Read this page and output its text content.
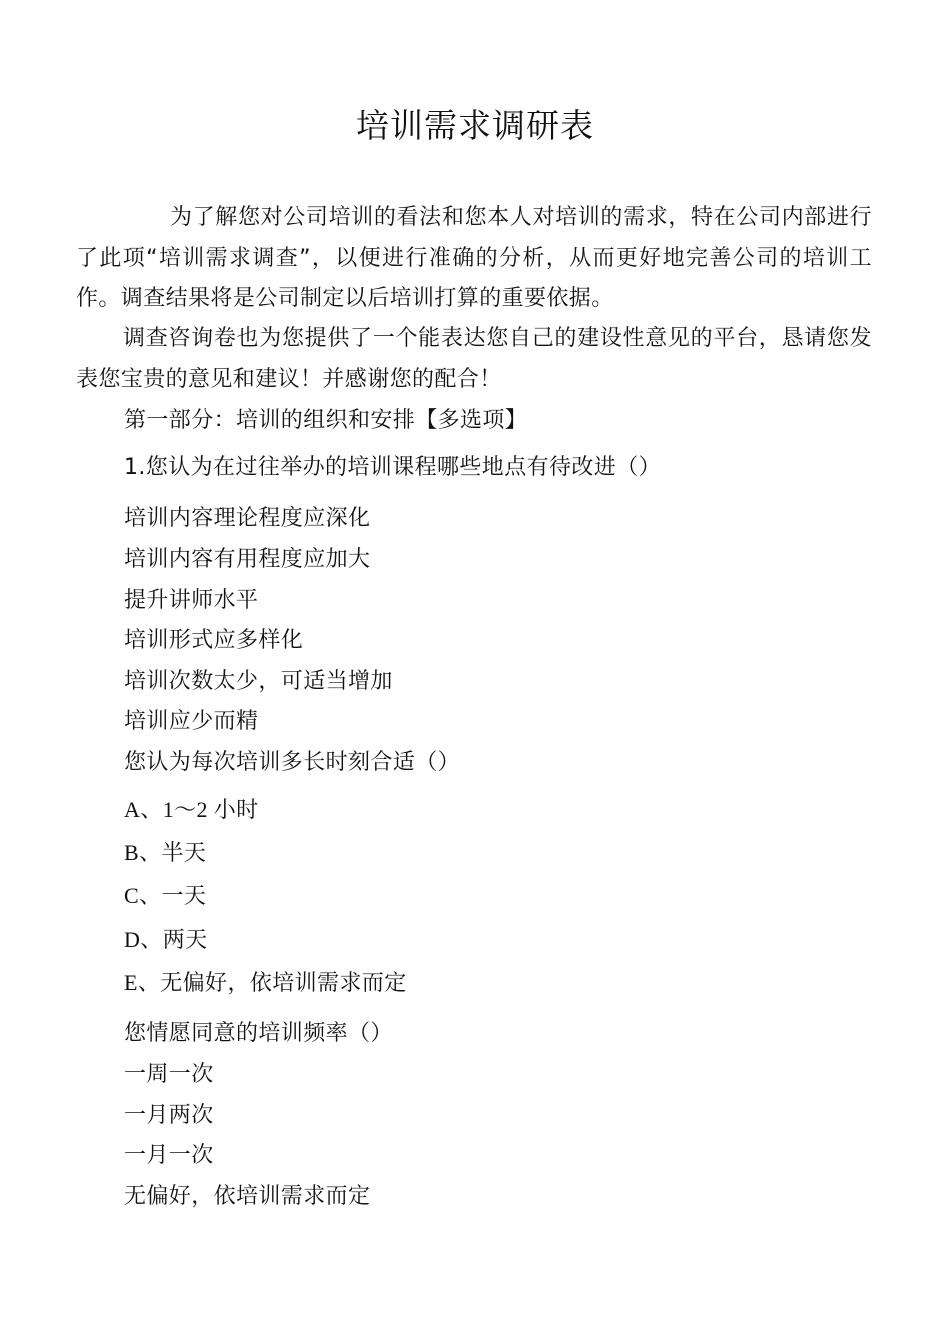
培训需求调研表

为了解您对公司培训的看法和您本人对培训的需求，特在公司内部进行了此项“培训需求调查”，以便进行准确的分析，从而更好地完善公司的培训工作。调查结果将是公司制定以后培训打算的重要依据。

调查咨询卷也为您提供了一个能表达您自己的建设性意见的平台，恳请您发表您宝贵的意见和建议！并感谢您的配合！

第一部分：培训的组织和安排【多选项】
1.您认为在过往举办的培训课程哪些地点有待改进（）
培训内容理论程度应深化
培训内容有用程度应加大
提升讲师水平
培训形式应多样化
培训次数太少，可适当增加
培训应少而精
您认为每次培训多长时刻合适（）
A、1〜2 小时
B、半天
C、一天
D、两天
E、无偏好，依培训需求而定
您情愿同意的培训频率（）
一周一次
一月两次
一月一次
无偏好，依培训需求而定
